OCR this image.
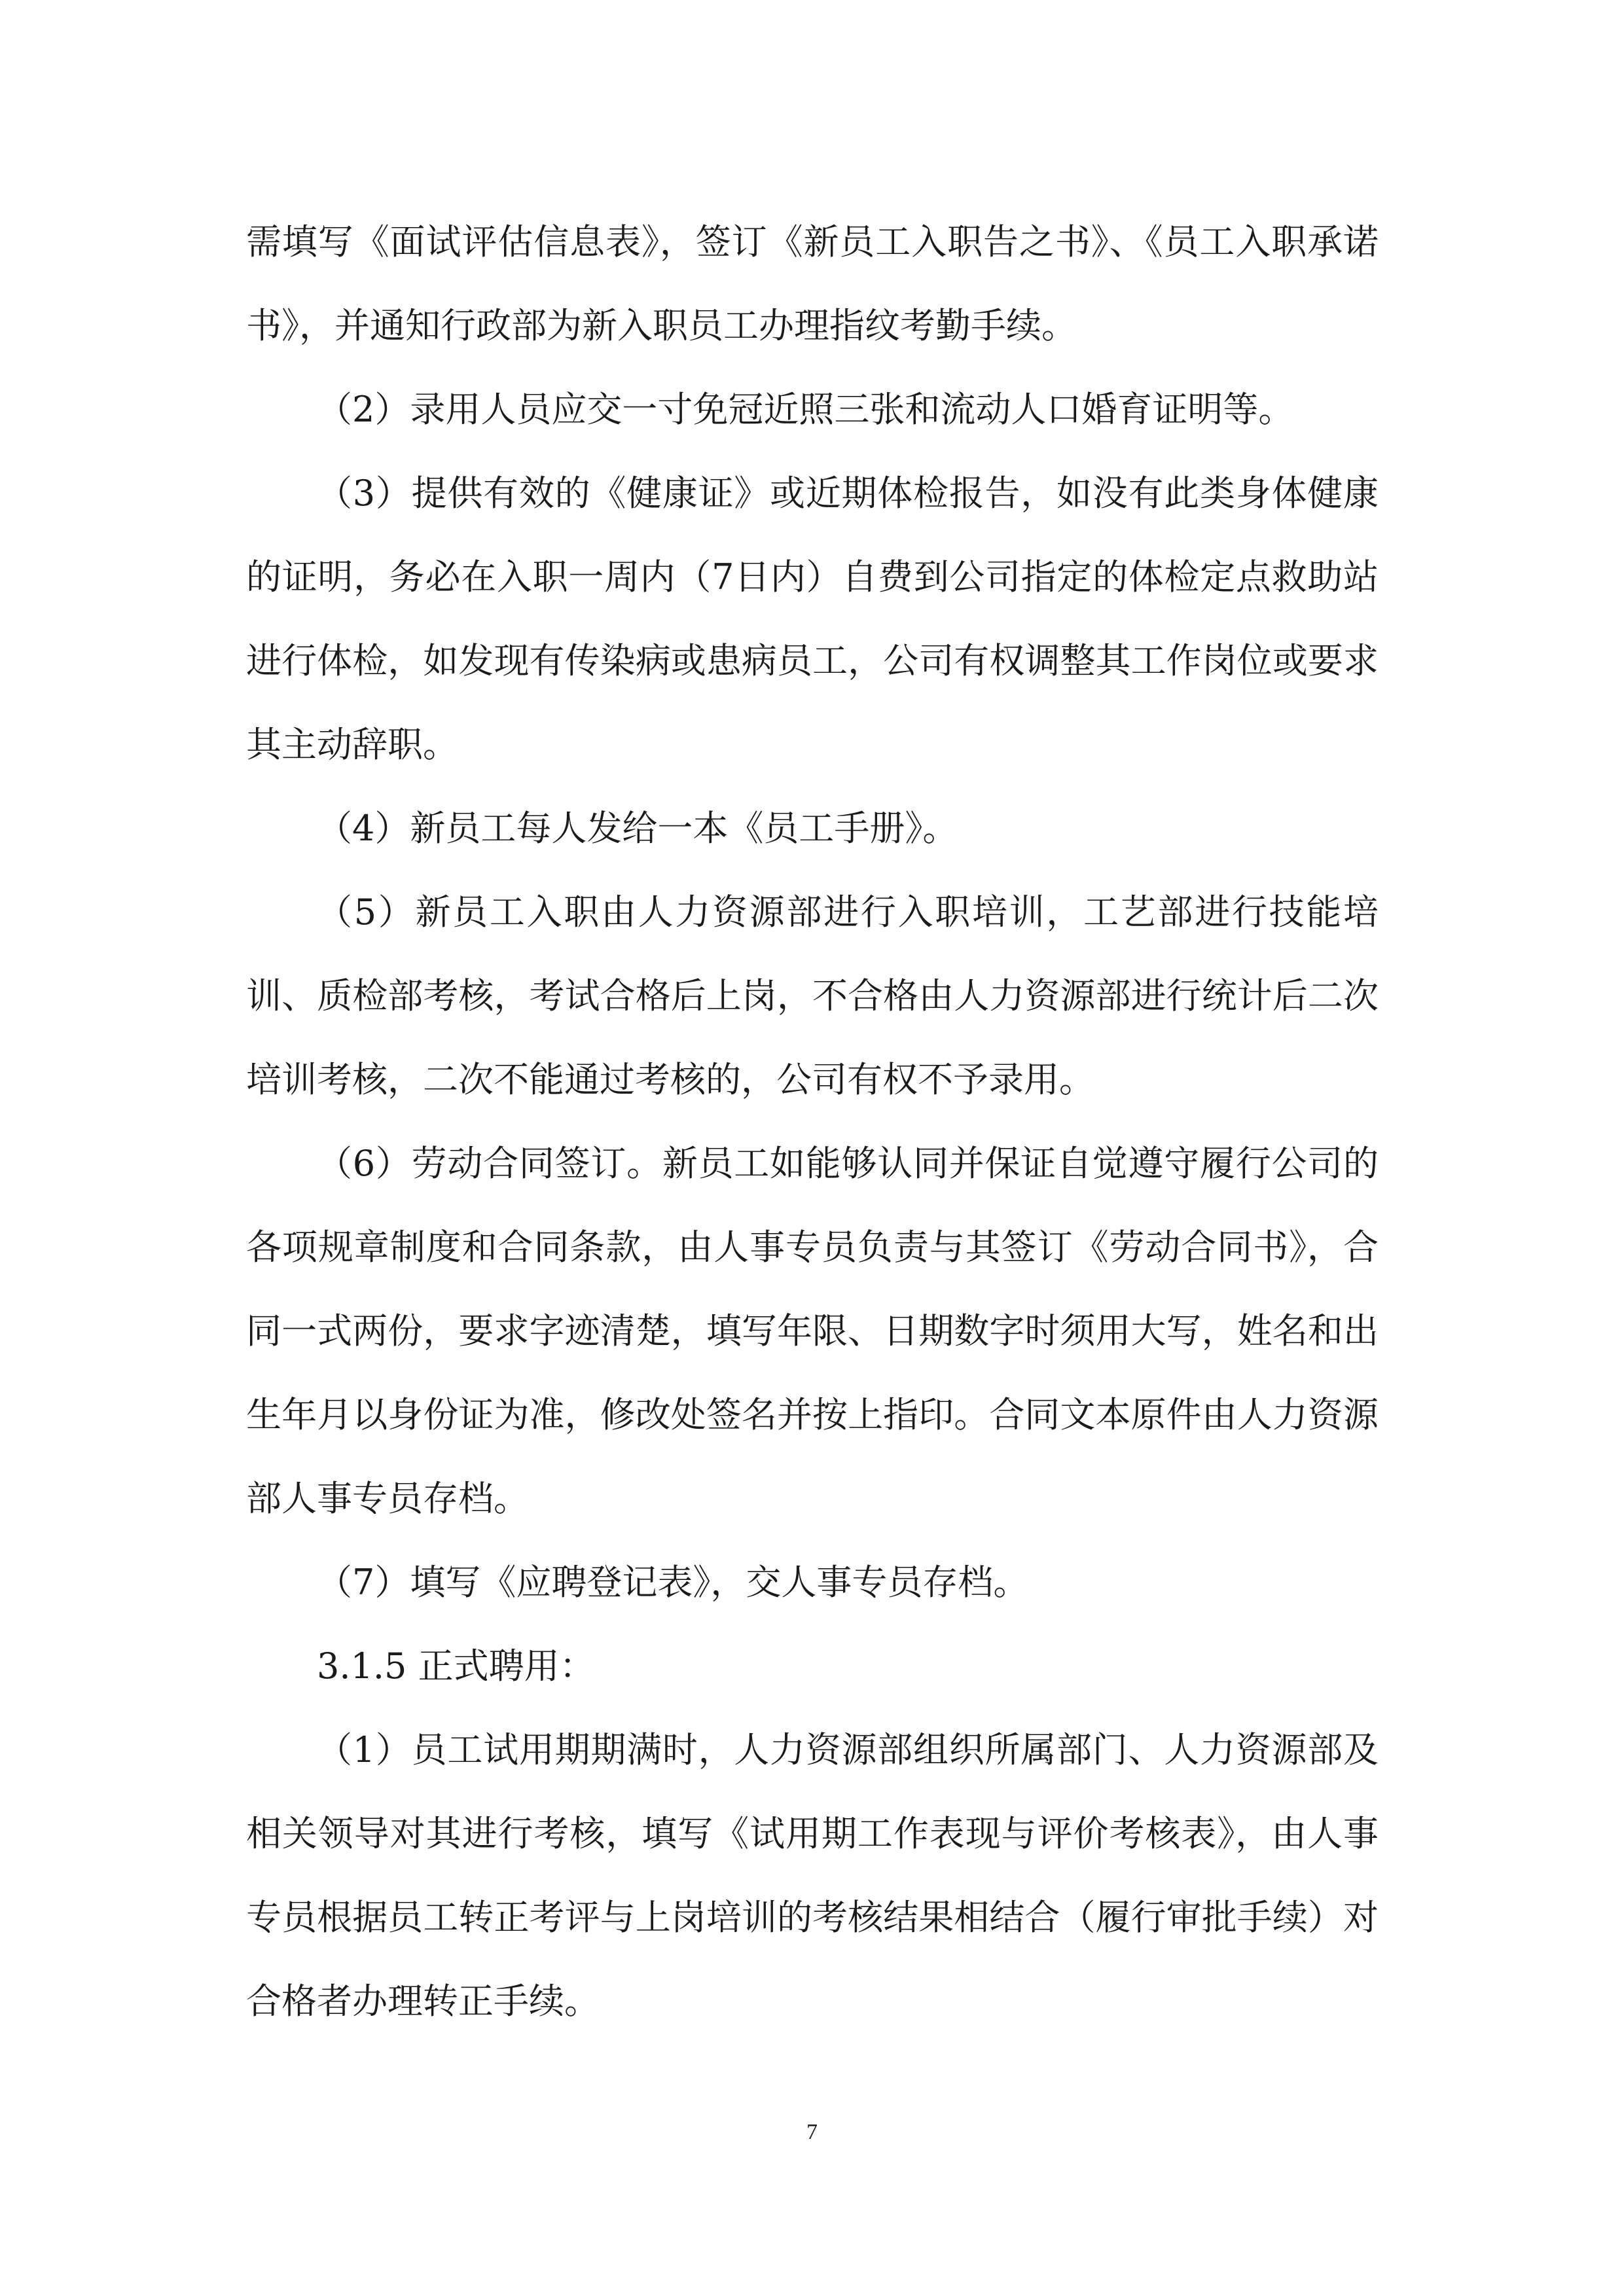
需填写《面试评估信息表》，签订《新员工入职告之书》、《员工入职承诺书》，并通知行政部为新入职员工办理指纹考勤手续。

（2）录用人员应交一寸免冠近照三张和流动人口婚育证明等。

（3）提供有效的《健康证》或近期体检报告，如没有此类身体健康的证明，务必在入职一周内（7日内）自费到公司指定的体检定点救助站进行体检，如发现有传染病或患病员工，公司有权调整其工作岗位或要求其主动辞职。

（4）新员工每人发给一本《员工手册》。

（5）新员工入职由人力资源部进行入职培训，工艺部进行技能培训、质检部考核，考试合格后上岗，不合格由人力资源部进行统计后二次培训考核，二次不能通过考核的，公司有权不予录用。

（6）劳动合同签订。新员工如能够认同并保证自觉遵守履行公司的各项规章制度和合同条款，由人事专员负责与其签订《劳动合同书》，合同一式两份，要求字迹清楚，填写年限、日期数字时须用大写，姓名和出生年月以身份证为准，修改处签名并按上指印。合同文本原件由人力资源部人事专员存档。

（7）填写《应聘登记表》，交人事专员存档。

3.1.5 正式聘用：

（1）员工试用期期满时，人力资源部组织所属部门、人力资源部及相关领导对其进行考核，填写《试用期工作表现与评价考核表》，由人事专员根据员工转正考评与上岗培训的考核结果相结合（履行审批手续）对合格者办理转正手续。

7
